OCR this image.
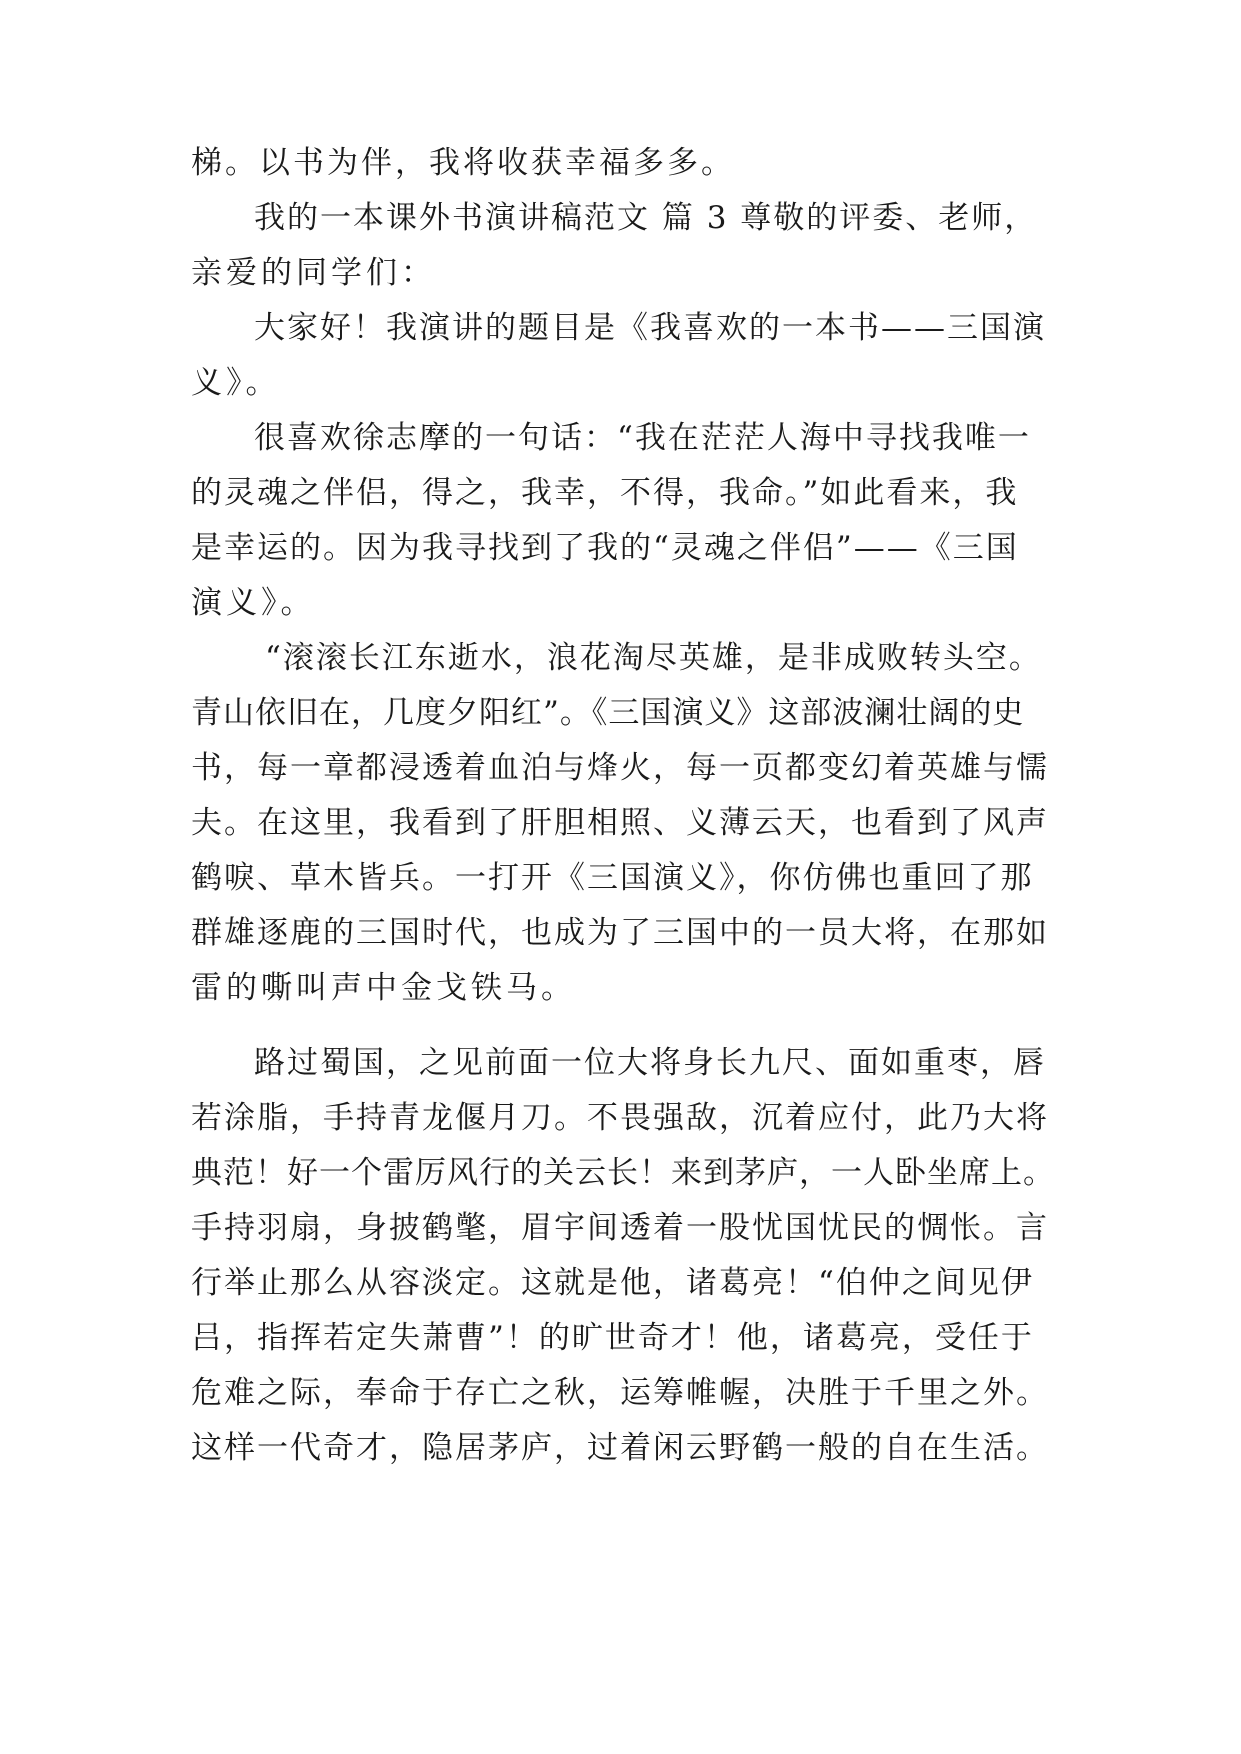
梯。以书为伴，我将收获幸福多多。
我的一本课外书演讲稿范文 篇 3 尊敬的评委、老师，
亲爱的同学们：
大家好！我演讲的题目是《我喜欢的一本书——三国演
义》。
很喜欢徐志摩的一句话：“我在茫茫人海中寻找我唯一
的灵魂之伴侣，得之，我幸，不得，我命。”如此看来，我
是幸运的。因为我寻找到了我的“灵魂之伴侣”——《三国
演义》。
“滚滚长江东逝水，浪花淘尽英雄，是非成败转头空。
青山依旧在，几度夕阳红”。《三国演义》这部波澜壮阔的史
书，每一章都浸透着血泊与烽火，每一页都变幻着英雄与懦
夫。在这里，我看到了肝胆相照、义薄云天，也看到了风声
鹤唳、草木皆兵。一打开《三国演义》，你仿佛也重回了那
群雄逐鹿的三国时代，也成为了三国中的一员大将，在那如
雷的嘶叫声中金戈铁马。
路过蜀国，之见前面一位大将身长九尺、面如重枣，唇
若涂脂，手持青龙偃月刀。不畏强敌，沉着应付，此乃大将
典范！好一个雷厉风行的关云长！来到茅庐，一人卧坐席上。
手持羽扇，身披鹤氅，眉宇间透着一股忧国忧民的惆怅。言
行举止那么从容淡定。这就是他，诸葛亮！“伯仲之间见伊
吕，指挥若定失萧曹”！的旷世奇才！他，诸葛亮，受任于
危难之际，奉命于存亡之秋，运筹帷幄，决胜于千里之外。
这样一代奇才，隐居茅庐，过着闲云野鹤一般的自在生活。
